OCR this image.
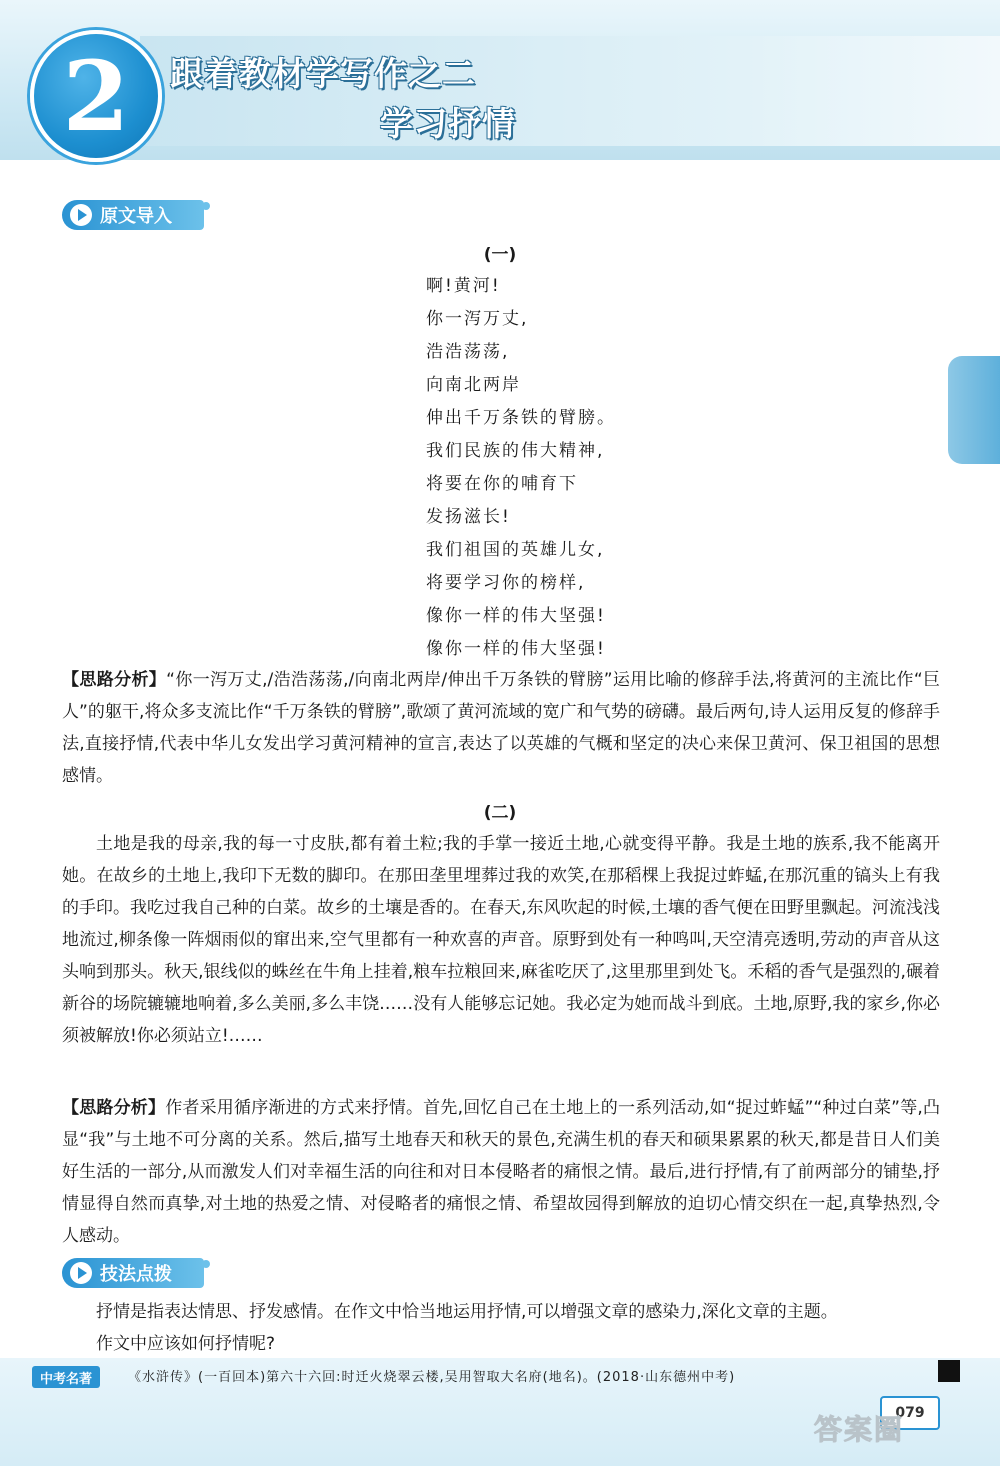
2	跟着教材学写作之二
学习抒情
原文导入
(一)
啊!黄河!
你一泻万丈,
浩浩荡荡,
向南北两岸
伸出千万条铁的臂膀。
我们民族的伟大精神,
将要在你的哺育下
发扬滋长!
我们祖国的英雄儿女,
将要学习你的榜样,
像你一样的伟大坚强!
像你一样的伟大坚强!
【思路分析】“你一泻万丈,/浩浩荡荡,/向南北两岸/伸出千万条铁的臂膀”运用比喻的修辞手法,将黄河的主流比作“巨人”的躯干,将众多支流比作“千万条铁的臂膀”,歌颂了黄河流域的宽广和气势的磅礴。最后两句,诗人运用反复的修辞手法,直接抒情,代表中华儿女发出学习黄河精神的宣言,表达了以英雄的气概和坚定的决心来保卫黄河、保卫祖国的思想感情。
(二)
土地是我的母亲,我的每一寸皮肤,都有着土粒;我的手掌一接近土地,心就变得平静。我是土地的族系,我不能离开她。在故乡的土地上,我印下无数的脚印。在那田垄里埋葬过我的欢笑,在那稻棵上我捉过蚱蜢,在那沉重的镐头上有我的手印。我吃过我自己种的白菜。故乡的土壤是香的。在春天,东风吹起的时候,土壤的香气便在田野里飘起。河流浅浅地流过,柳条像一阵烟雨似的窜出来,空气里都有一种欢喜的声音。原野到处有一种鸣叫,天空清亮透明,劳动的声音从这头响到那头。秋天,银线似的蛛丝在牛角上挂着,粮车拉粮回来,麻雀吃厌了,这里那里到处飞。禾稻的香气是强烈的,碾着新谷的场院辘辘地响着,多么美丽,多么丰饶……没有人能够忘记她。我必定为她而战斗到底。土地,原野,我的家乡,你必须被解放!你必须站立!……
【思路分析】作者采用循序渐进的方式来抒情。首先,回忆自己在土地上的一系列活动,如“捉过蚱蜢”“种过白菜”等,凸显“我”与土地不可分离的关系。然后,描写土地春天和秋天的景色,充满生机的春天和硕果累累的秋天,都是昔日人们美好生活的一部分,从而激发人们对幸福生活的向往和对日本侵略者的痛恨之情。最后,进行抒情,有了前两部分的铺垫,抒情显得自然而真挚,对土地的热爱之情、对侵略者的痛恨之情、希望故园得到解放的迫切心情交织在一起,真挚热烈,令人感动。
技法点拨
抒情是指表达情思、抒发感情。在作文中恰当地运用抒情,可以增强文章的感染力,深化文章的主题。
作文中应该如何抒情呢?
中考名著	《水浒传》(一百回本)第六十六回:时迁火烧翠云楼,吴用智取大名府(地名)。(2018·山东德州中考)
079
答案圈
